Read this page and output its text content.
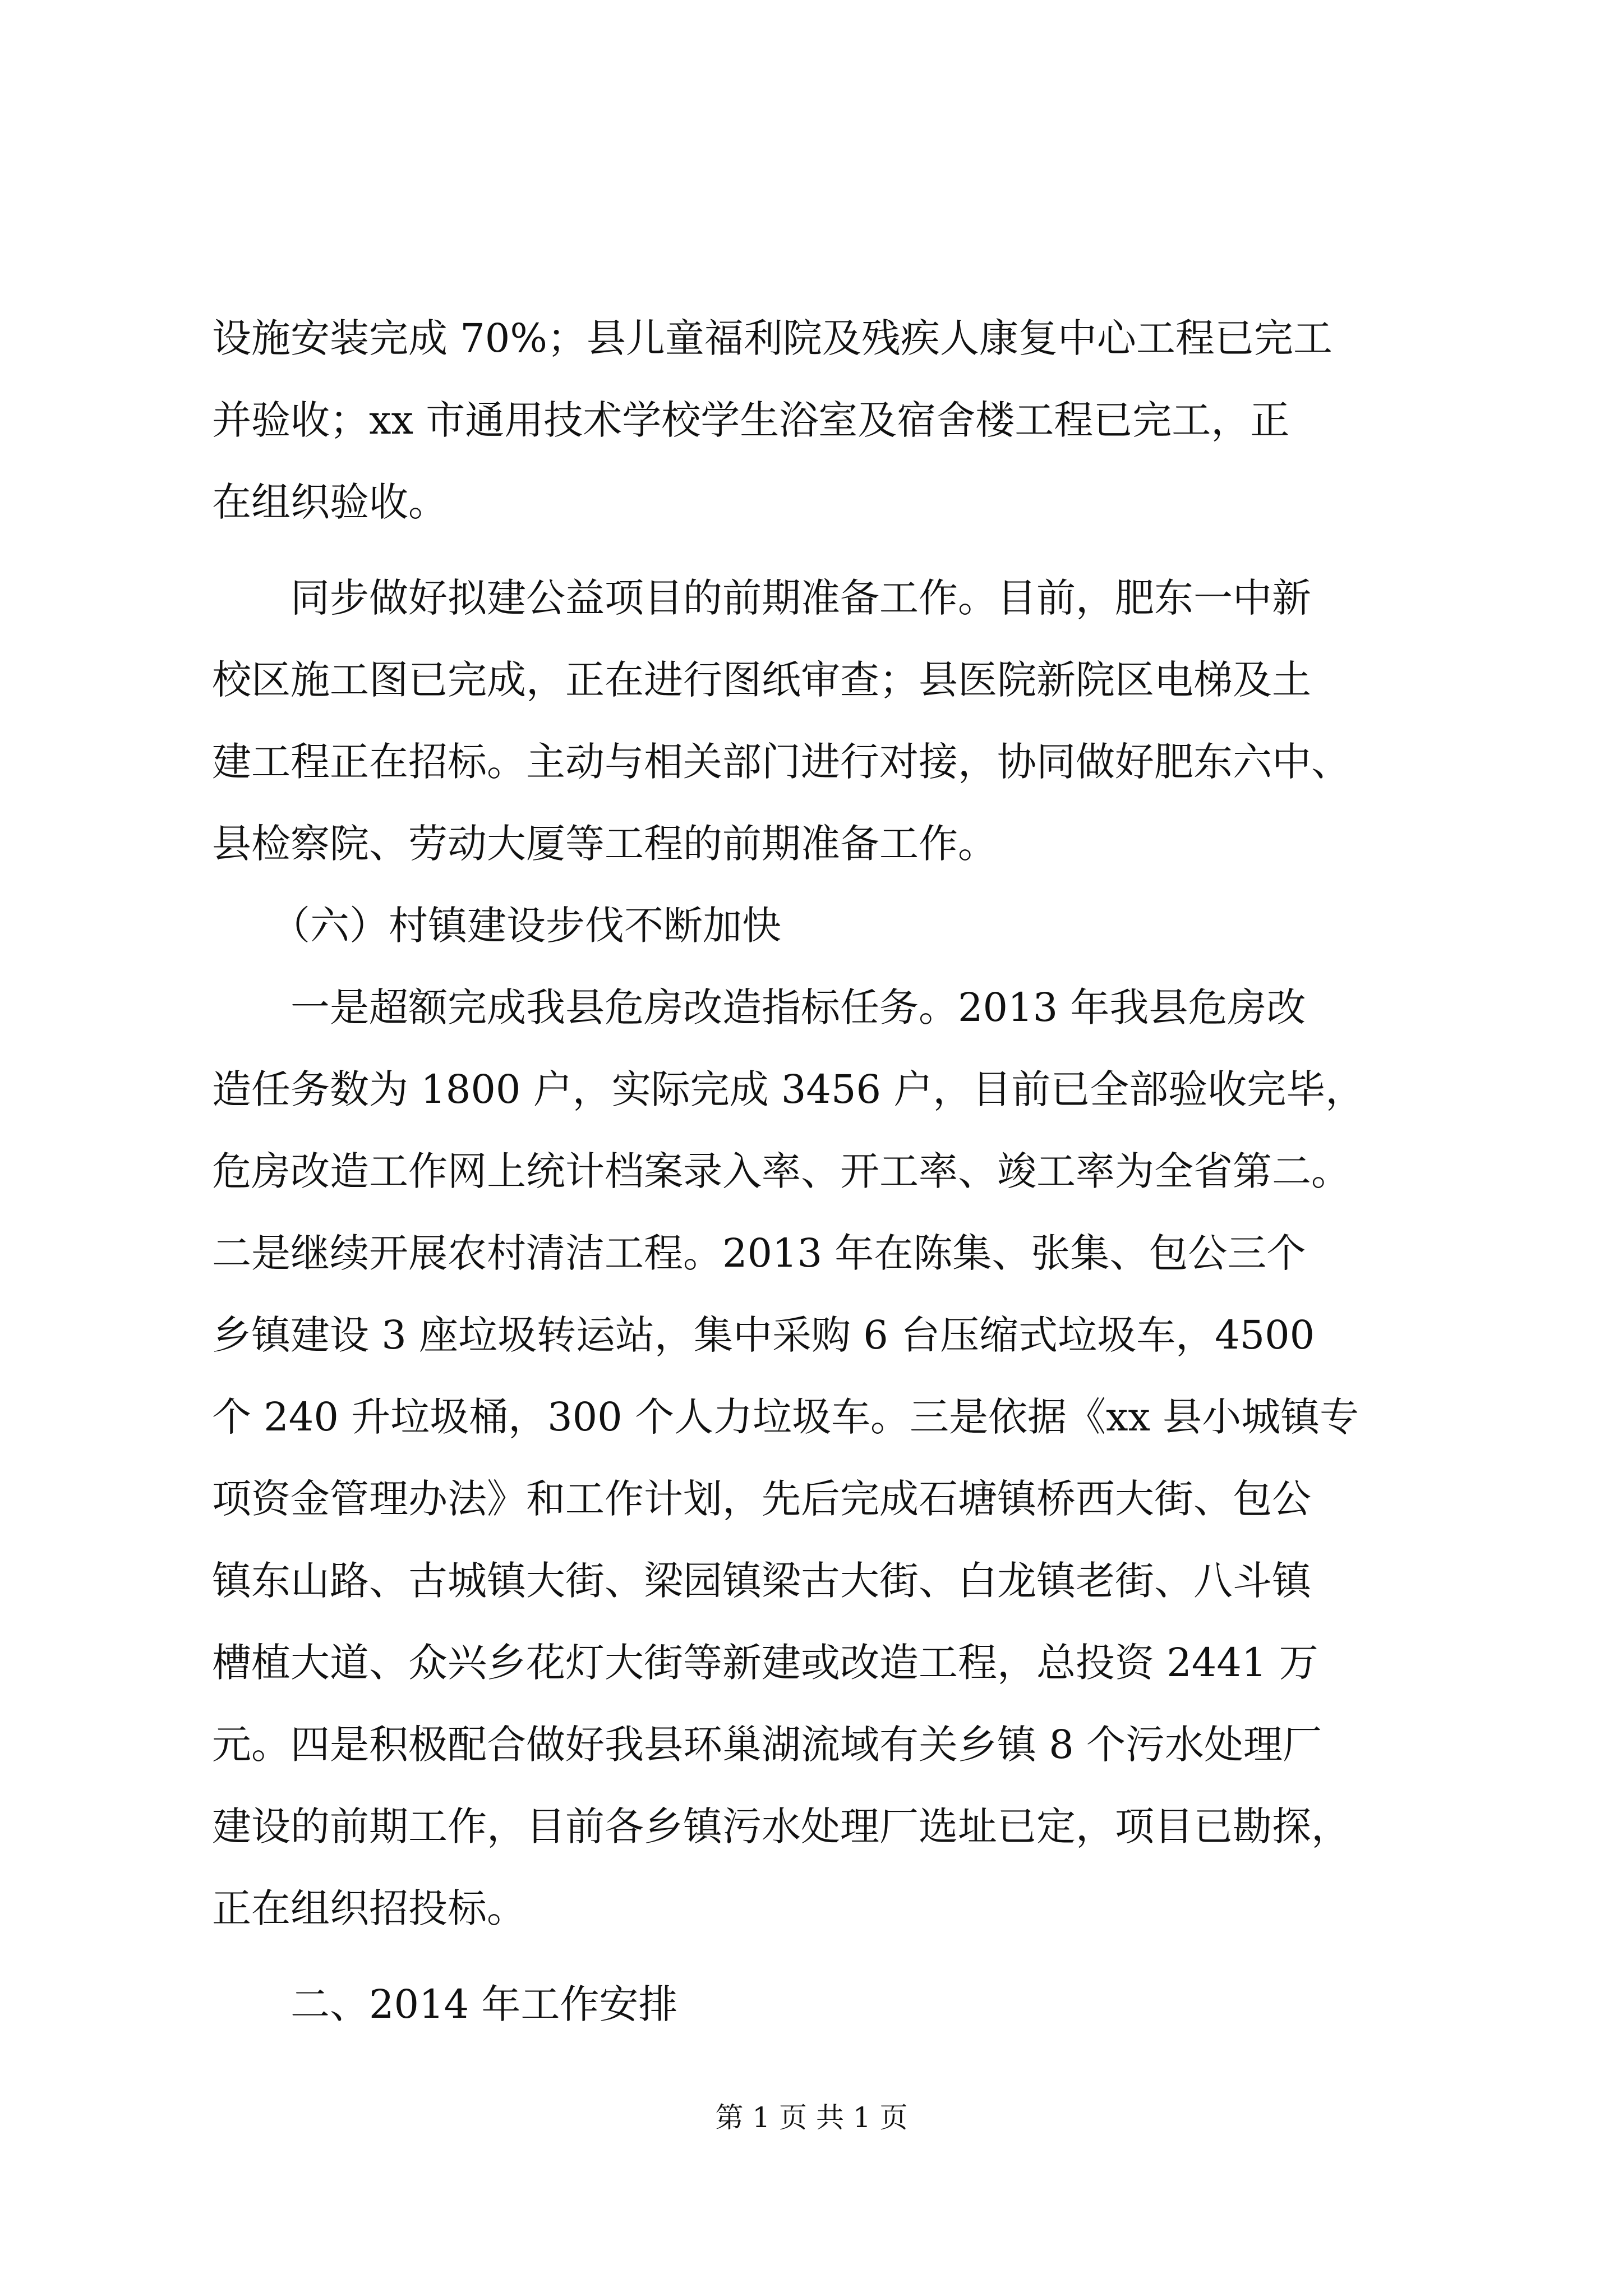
设施安装完成 70%；县儿童福利院及残疾人康复中心工程已完工
并验收；xx 市通用技术学校学生浴室及宿舍楼工程已完工，正
在组织验收。
　　同步做好拟建公益项目的前期准备工作。目前，肥东一中新
校区施工图已完成，正在进行图纸审查；县医院新院区电梯及土
建工程正在招标。主动与相关部门进行对接，协同做好肥东六中、
县检察院、劳动大厦等工程的前期准备工作。
　　（六）村镇建设步伐不断加快
　　一是超额完成我县危房改造指标任务。2013 年我县危房改
造任务数为 1800 户，实际完成 3456 户，目前已全部验收完毕，
危房改造工作网上统计档案录入率、开工率、竣工率为全省第二。
二是继续开展农村清洁工程。2013 年在陈集、张集、包公三个
乡镇建设 3 座垃圾转运站，集中采购 6 台压缩式垃圾车，4500
个 240 升垃圾桶，300 个人力垃圾车。三是依据《xx 县小城镇专
项资金管理办法》和工作计划，先后完成石塘镇桥西大街、包公
镇东山路、古城镇大街、梁园镇梁古大街、白龙镇老街、八斗镇
槽植大道、众兴乡花灯大街等新建或改造工程，总投资 2441 万
元。四是积极配合做好我县环巢湖流域有关乡镇 8 个污水处理厂
建设的前期工作，目前各乡镇污水处理厂选址已定，项目已勘探，
正在组织招投标。
　　二、2014 年工作安排
第 1 页 共 1 页
